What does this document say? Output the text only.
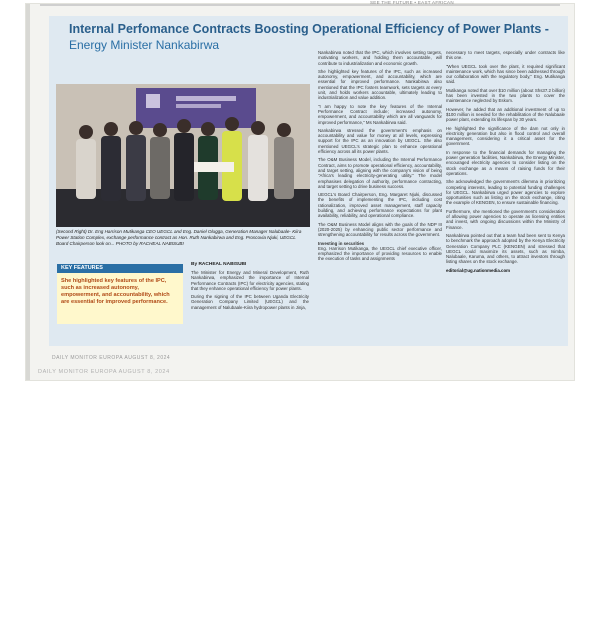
SEE THE FUTURE • EAST AFRICAN
Internal Perfomance Contracts Boosting Operational Efficiency of Power Plants -
Energy Minister Nankabirwa
(Second Right) Dr. Eng Harrison Mutikanga CEO UEGCL and Eng. Daniel Olugga, Generation Manager Nalubaale- Kiira Power Station Complex, exchange performance contract as Hon. Ruth Nankabirwa and Eng. Proscovia Njuki, UEGCL Board Chairperson look on... PHOTO by RACHEAL NABISUBI
KEY FEATURES
She highlighted key features of the IPC, such as increased autonomy, empowerment, and accountability, which are essential for improved performance.
By RACHEAL NABISUBI

The Minister for Energy and Mineral Development, Ruth Nankabirwa, emphasized the importance of Internal Performance Contracts (IPC) for electricity agencies, stating that they enhance operational efficiency for power plants.

During the signing of the IPC between Uganda Electricity Generation Company Limited (UEGCL) and the management of Nalubaale-Kiira hydropower plants in Jinja,

Nankabirwa noted that the IPC, which involves setting targets, motivating workers, and holding them accountable, will contribute to industrialization and economic growth.

She highlighted key features of the IPC, such as increased autonomy, empowerment, and accountability, which are essential for improved performance. Nankabirwa also mentioned that the IPC fosters teamwork, sets targets at every unit, and holds workers accountable, ultimately leading to industrialization and value addition.

"I am happy to note the key features of the Internal Performance Contract include; increased autonomy, empowerment, and accountability which are all vanguards for improved performance," Ms Nankabirwa said.

Nankabirwa stressed the government's emphasis on accountability and value for money at all levels, expressing support for the IPC as an innovation by UEGCL. She also mentioned UEGCL's strategic plan to enhance operational efficiency across all its power plants.

The O&M Business Model, including the Internal Performance Contract, aims to promote operational efficiency, accountability, and target setting, aligning with the company's vision of being "Africa's leading electricity-generating utility." The model emphasises delegation of authority, performance contracting, and target setting to drive business success.

UEGCL's Board Chairperson, Eng. Margaret Njuki, discussed the benefits of implementing the IPC, including cost rationalization, improved asset management, staff capacity building, and achieving performance expectations for plant availability, reliability, and operational compliance.

The O&M Business Model aligns with the goals of the NDP III (2020-2025) by enhancing public sector performance and strengthening accountability for results across the government.

Investing in securities

Eng. Harrison Mutikanga, the UEGCL chief executive officer, emphasized the importance of providing resources to enable the execution of tasks and assignments

necessary to meet targets, especially under contracts like this one.

"When UEGCL took over the plant, it required significant maintenance work, which has since been addressed through our collaboration with the regulatory body," Eng. Mutikanga said.

Mutikanga noted that over $10 million (about Shs37.2 billion) has been invested in the two plants to cover the maintenance neglected by Eskom.

However, he added that an additional investment of up to $100 million is needed for the rehabilitation of the Nalubaale power plant, extending its lifespan by 30 years.

He highlighted the significance of the dam not only in electricity generation but also in flood control and overall management, considering it a critical asset for the government.

In response to the financial demands for managing the power generation facilities, Nankabirwa, the Energy Minister, encouraged electricity agencies to consider listing on the stock exchange as a means of raising funds for their operations.

She acknowledged the government's dilemma in prioritizing competing interests, leading to potential funding challenges for UEGCL. Nankabirwa urged power agencies to explore opportunities such as listing on the stock exchange, citing the example of KENGEN, to ensure sustainable financing.

Furthermore, she mentioned the government's consideration of allowing power agencies to operate as licensing entities and invest, with ongoing discussions within the Ministry of Finance.

Nankabirwa pointed out that a team had been sent to Kenya to benchmark the approach adopted by the Kenya Electricity Generation Company PLC (KENGEN) and stressed that UEGCL could maximize its assets, such as Isimba, Nalubaale, Karuma, and others, to attract investors through listing shares on the stock exchange.

editorial@ug.nationmedia.com

DAILY MONITOR EUROPA AUGUST 8, 2024
DAILY MONITOR EUROPA AUGUST 8, 2024
